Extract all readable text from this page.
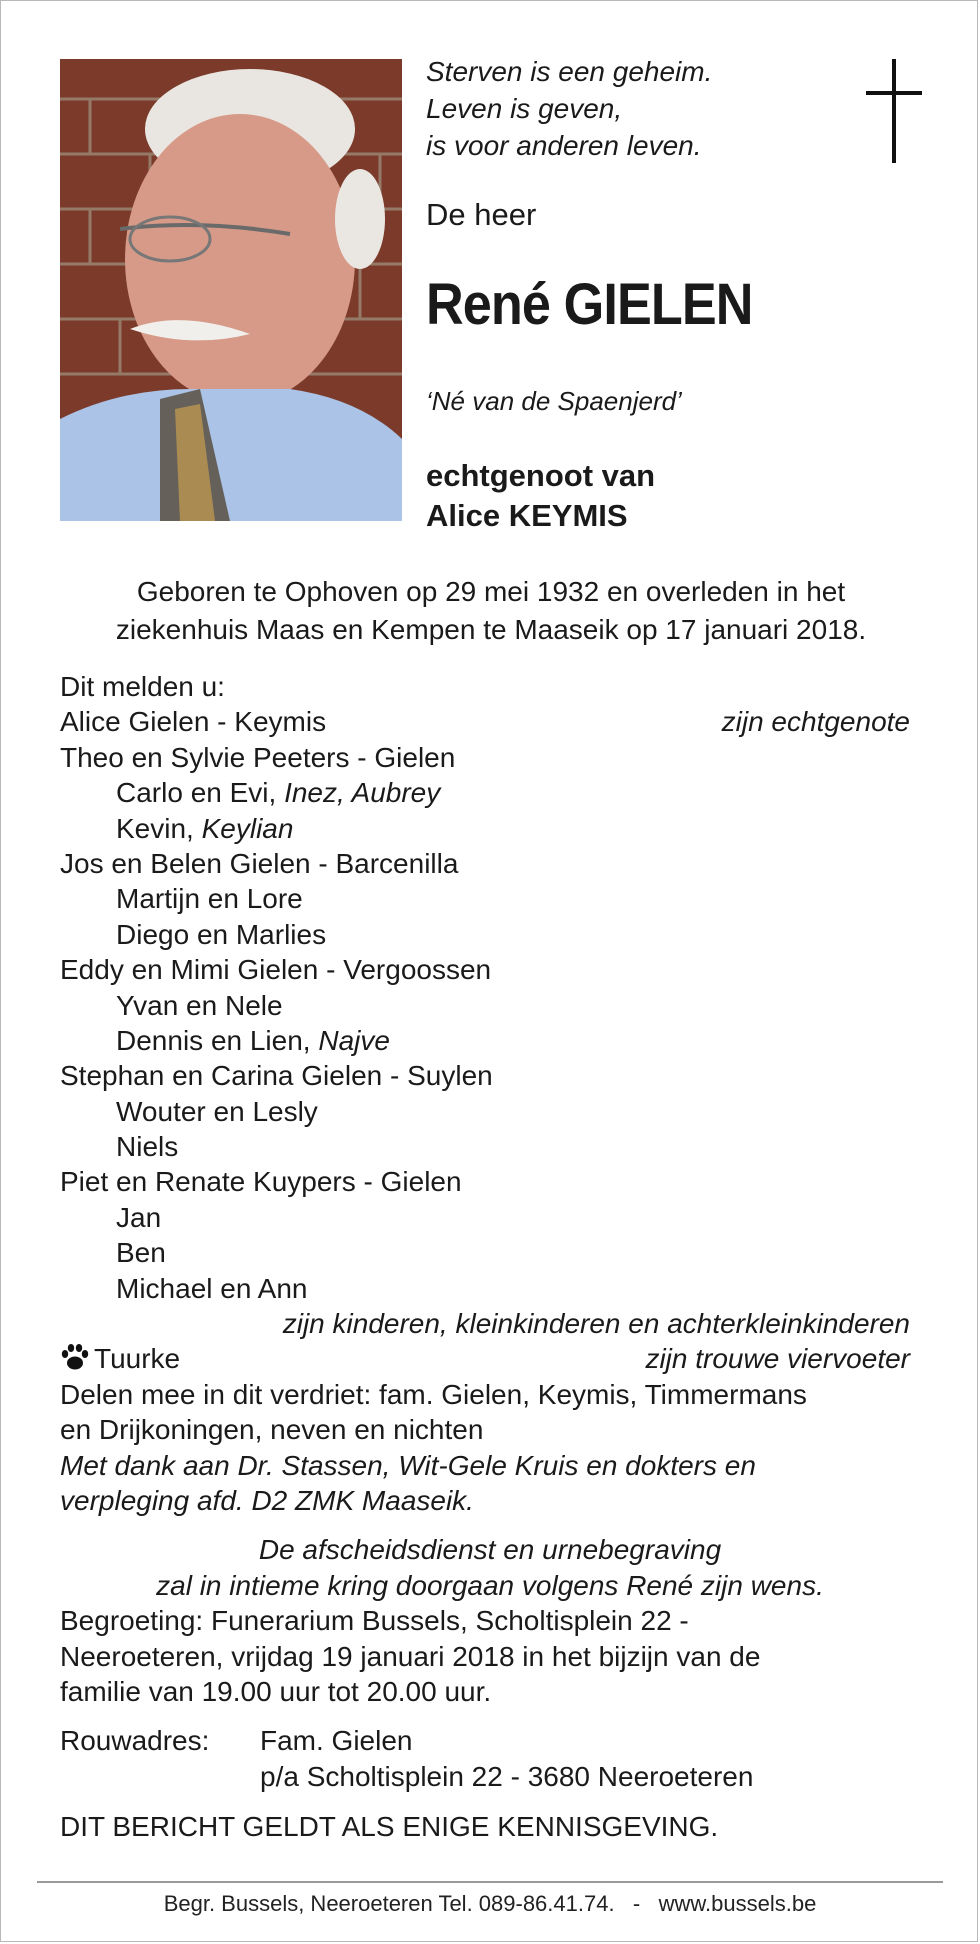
Sterven is een geheim.
Leven is geven,
is voor anderen leven.
De heer
René GIELEN
‘Né van de Spaenjerd’
echtgenoot van
Alice KEYMIS
Geboren te Ophoven op 29 mei 1932 en overleden in het
ziekenhuis Maas en Kempen te Maaseik op 17 januari 2018.
Dit melden u:
Alice Gielen - Keymis	zijn echtgenote
Theo en Sylvie Peeters - Gielen
Carlo en Evi, Inez, Aubrey
Kevin, Keylian
Jos en Belen Gielen - Barcenilla
Martijn en Lore
Diego en Marlies
Eddy en Mimi Gielen - Vergoossen
Yvan en Nele
Dennis en Lien, Najve
Stephan en Carina Gielen - Suylen
Wouter en Lesly
Niels
Piet en Renate Kuypers - Gielen
Jan
Ben
Michael en Ann
zijn kinderen, kleinkinderen en achterkleinkinderen
Tuurke	zijn trouwe viervoeter
Delen mee in dit verdriet: fam. Gielen, Keymis, Timmermans
en Drijkoningen, neven en nichten
Met dank aan Dr. Stassen, Wit-Gele Kruis en dokters en
verpleging afd. D2 ZMK Maaseik.
De afscheidsdienst en urnebegraving
zal in intieme kring doorgaan volgens René zijn wens.
Begroeting: Funerarium Bussels, Scholtisplein 22 -
Neeroeteren, vrijdag 19 januari 2018 in het bijzijn van de
familie van 19.00 uur tot 20.00 uur.
Rouwadres:	Fam. Gielen
p/a Scholtisplein 22 - 3680 Neeroeteren
DIT BERICHT GELDT ALS ENIGE KENNISGEVING.
Begr. Bussels, Neeroeteren Tel. 089-86.41.74.   -   www.bussels.be
